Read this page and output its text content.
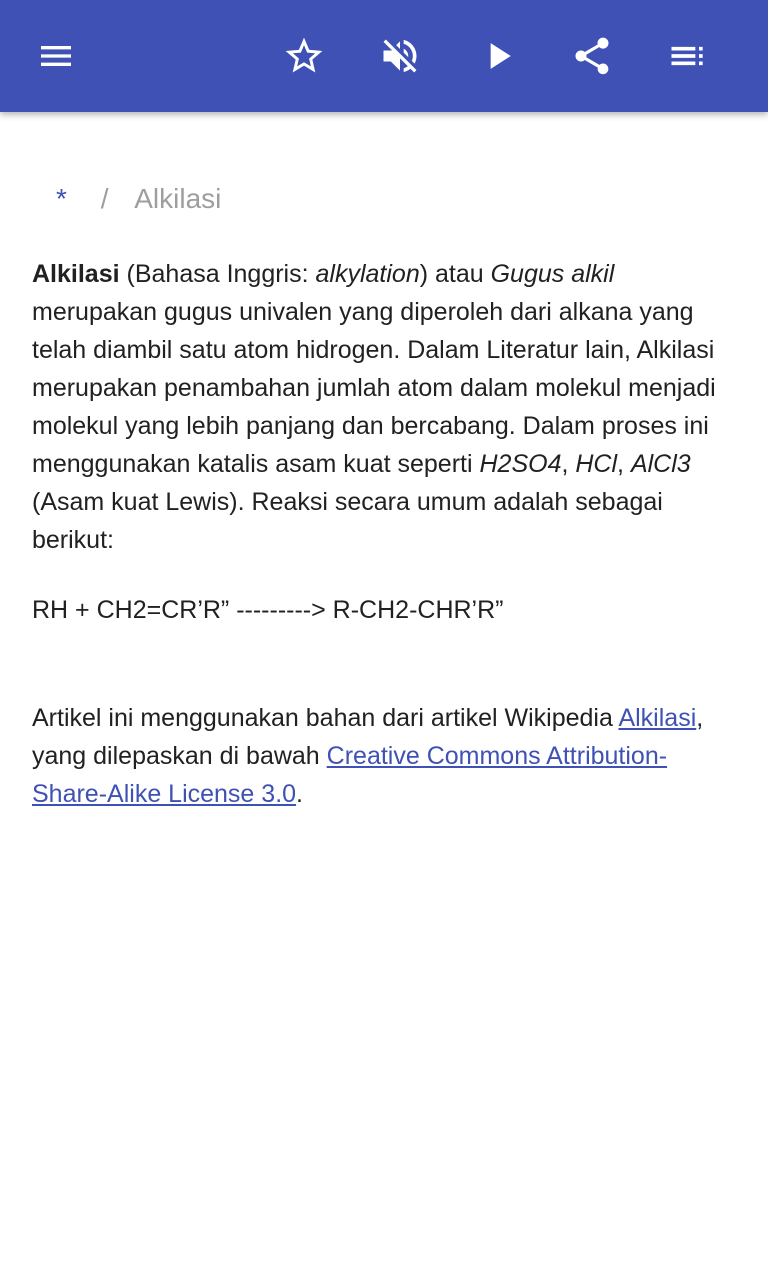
* / Alkilasi

Alkilasi (Bahasa Inggris: alkylation) atau Gugus alkil merupakan gugus univalen yang diperoleh dari alkana yang telah diambil satu atom hidrogen. Dalam Literatur lain, Alkilasi merupakan penambahan jumlah atom dalam molekul menjadi molekul yang lebih panjang dan bercabang. Dalam proses ini menggunakan katalis asam kuat seperti H2SO4, HCl, AlCl3 (Asam kuat Lewis). Reaksi secara umum adalah sebagai berikut:

RH + CH2=CR’R” ---------> R-CH2-CHR’R”

Artikel ini menggunakan bahan dari artikel Wikipedia Alkilasi, yang dilepaskan di bawah Creative Commons Attribution-Share-Alike License 3.0.
